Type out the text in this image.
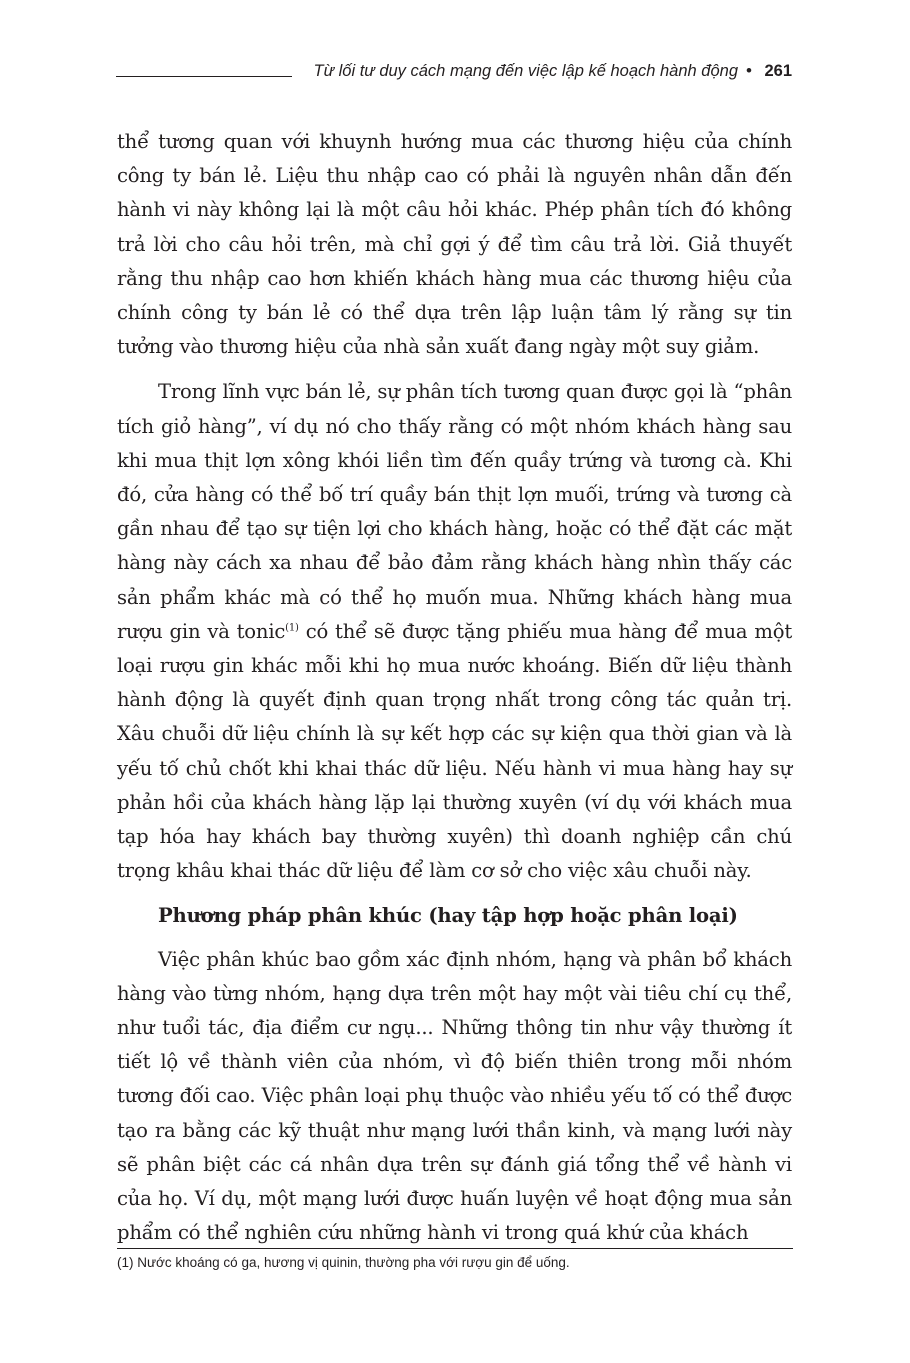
Từ lối tư duy cách mạng đến việc lập kế hoạch hành động • 261

thể tương quan với khuynh hướng mua các thương hiệu của chính công ty bán lẻ. Liệu thu nhập cao có phải là nguyên nhân dẫn đến hành vi này không lại là một câu hỏi khác. Phép phân tích đó không trả lời cho câu hỏi trên, mà chỉ gợi ý để tìm câu trả lời. Giả thuyết rằng thu nhập cao hơn khiến khách hàng mua các thương hiệu của chính công ty bán lẻ có thể dựa trên lập luận tâm lý rằng sự tin tưởng vào thương hiệu của nhà sản xuất đang ngày một suy giảm.

Trong lĩnh vực bán lẻ, sự phân tích tương quan được gọi là “phân tích giỏ hàng”, ví dụ nó cho thấy rằng có một nhóm khách hàng sau khi mua thịt lợn xông khói liền tìm đến quầy trứng và tương cà. Khi đó, cửa hàng có thể bố trí quầy bán thịt lợn muối, trứng và tương cà gần nhau để tạo sự tiện lợi cho khách hàng, hoặc có thể đặt các mặt hàng này cách xa nhau để bảo đảm rằng khách hàng nhìn thấy các sản phẩm khác mà có thể họ muốn mua. Những khách hàng mua rượu gin và tonic$^{(1)}$ có thể sẽ được tặng phiếu mua hàng để mua một loại rượu gin khác mỗi khi họ mua nước khoáng. Biến dữ liệu thành hành động là quyết định quan trọng nhất trong công tác quản trị. Xâu chuỗi dữ liệu chính là sự kết hợp các sự kiện qua thời gian và là yếu tố chủ chốt khi khai thác dữ liệu. Nếu hành vi mua hàng hay sự phản hồi của khách hàng lặp lại thường xuyên (ví dụ với khách mua tạp hóa hay khách bay thường xuyên) thì doanh nghiệp cần chú trọng khâu khai thác dữ liệu để làm cơ sở cho việc xâu chuỗi này.

Phương pháp phân khúc (hay tập hợp hoặc phân loại)

Việc phân khúc bao gồm xác định nhóm, hạng và phân bổ khách hàng vào từng nhóm, hạng dựa trên một hay một vài tiêu chí cụ thể, như tuổi tác, địa điểm cư ngụ... Những thông tin như vậy thường ít tiết lộ về thành viên của nhóm, vì độ biến thiên trong mỗi nhóm tương đối cao. Việc phân loại phụ thuộc vào nhiều yếu tố có thể được tạo ra bằng các kỹ thuật như mạng lưới thần kinh, và mạng lưới này sẽ phân biệt các cá nhân dựa trên sự đánh giá tổng thể về hành vi của họ. Ví dụ, một mạng lưới được huấn luyện về hoạt động mua sản phẩm có thể nghiên cứu những hành vi trong quá khứ của khách

(1) Nước khoáng có ga, hương vị quinin, thường pha với rượu gin để uống.
